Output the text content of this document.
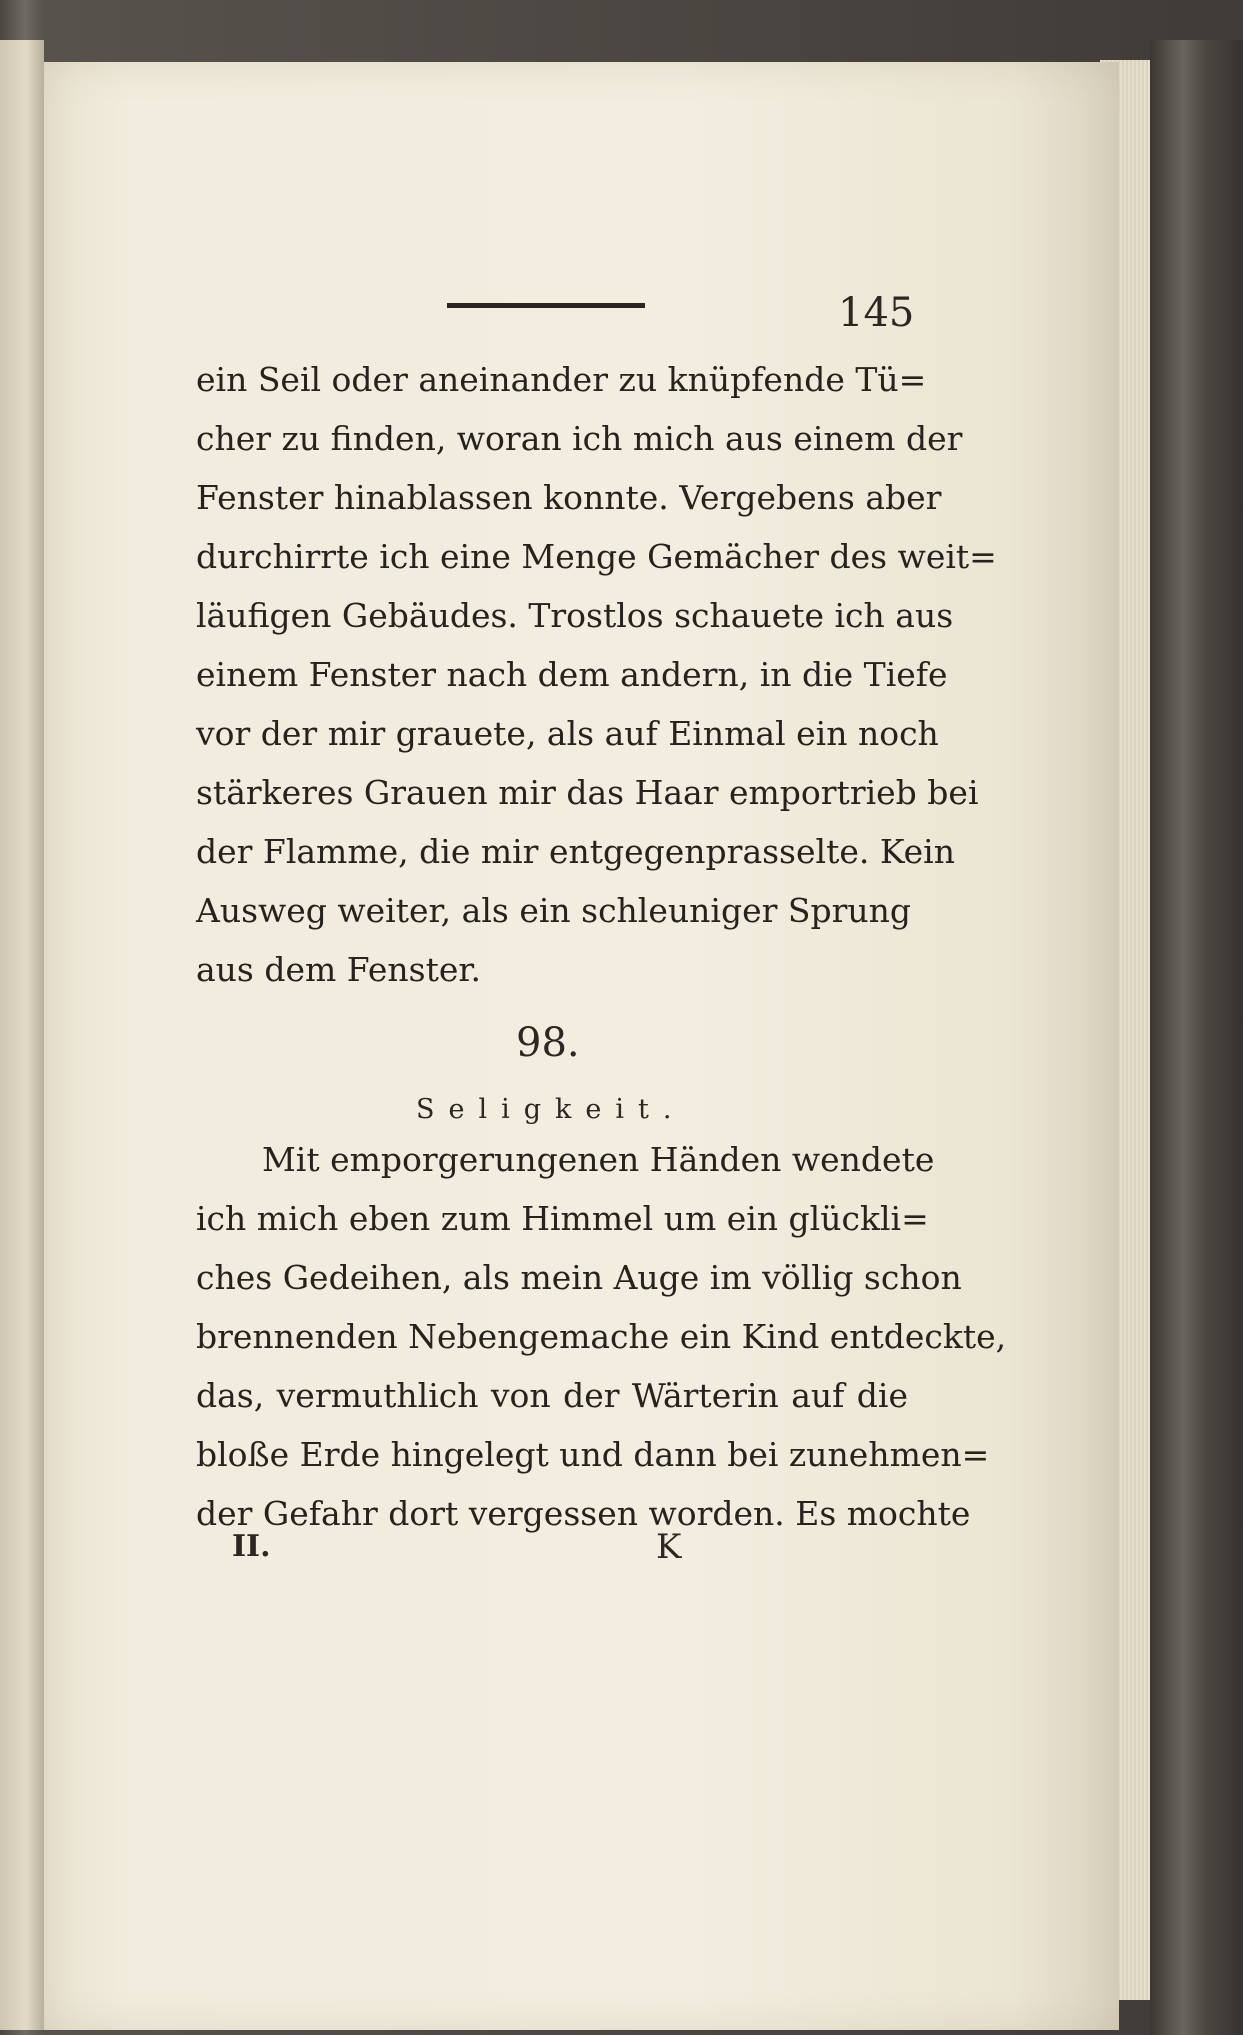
145
ein Seil oder aneinander zu knüpfende Tü=
cher zu finden, woran ich mich aus einem der
Fenster hinablassen konnte. Vergebens aber
durchirrte ich eine Menge Gemächer des weit=
läufigen Gebäudes. Trostlos schauete ich aus
einem Fenster nach dem andern, in die Tiefe
vor der mir grauete, als auf Einmal ein noch
stärkeres Grauen mir das Haar emportrieb bei
der Flamme, die mir entgegenprasselte. Kein
Ausweg weiter, als ein schleuniger Sprung
aus dem Fenster.
98.
Seligkeit.
Mit emporgerungenen Händen wendete
ich mich eben zum Himmel um ein glückli=
ches Gedeihen, als mein Auge im völlig schon
brennenden Nebengemache ein Kind entdeckte,
das, vermuthlich von der Wärterin auf die
bloße Erde hingelegt und dann bei zunehmen=
der Gefahr dort vergessen worden. Es mochte
II.	K
